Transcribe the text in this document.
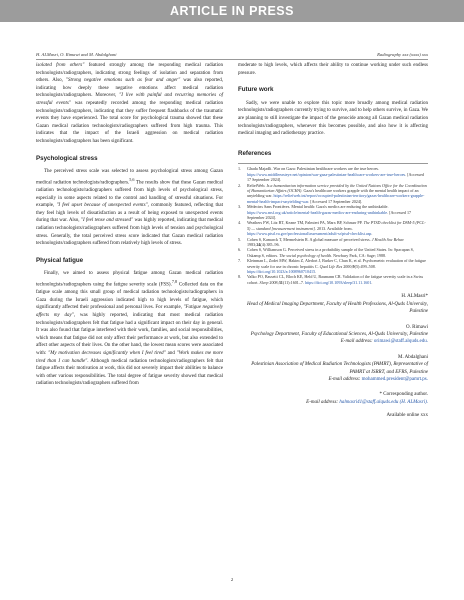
ARTICLE IN PRESS
H. ALMasri, O. Rimawi and M. Abdalghani	Radiography xxx (xxxx) xxx

isolated from others" featured strongly among the responding medical radiation technologists/radiographers, indicating strong feelings of isolation and separation from others. Also, "Strong negative emotions such as fear and anger" was also reported, indicating how deeply these negative emotions affect medical radiation technologists/radiographers. Moreover, "I live with painful and recurring memories of stressful events" was repeatedly recorded among the responding medical radiation technologists/radiographers, indicating that they suffer frequent flashbacks of the traumatic events they have experienced. The total score for psychological trauma showed that these Gazan medical radiation technologists/radiographers suffered from high trauma. This indicates that the impact of the Israeli aggression on medical radiation technologists/radiographers has been significant.

Psychological stress

The perceived stress scale was selected to assess psychological stress among Gazan medical radiation technologists/radiographers.$^{5,6}$ The results show that these Gazan medical radiation technologists/radiographers suffered from high levels of psychological stress, especially in some aspects related to the control and handling of stressful situations. For example, "I feel upset because of unexpected events", commonly featured, reflecting that they feel high levels of dissatisfaction as a result of being exposed to unexpected events during that war. Also, "I feel tense and stressed" was highly reported, indicating that medical radiation technologists/radiographers suffered from high levels of tension and psychological stress. Generally, the total perceived stress score indicated that Gazan medical radiation technologists/radiographers suffered from relatively high levels of stress.

Physical fatigue

Finally, we aimed to assess physical fatigue among Gazan medical radiation technologists/radiographers using the fatigue severity scale (FSS).$^{7,8}$ Collected data on the fatigue scale among this small group of medical radiation technologists/radiographers in Gaza during the Israeli aggression indicated high to high levels of fatigue, which significantly affected their professional and personal lives. For example, "Fatigue negatively affects my day", was highly reported, indicating that most medical radiation technologists/radiographers felt that fatigue had a significant impact on their day in general. It was also found that fatigue interfered with their work, families, and social responsibilities, which means that fatigue did not only affect their performance at work, but also extended to affect other aspects of their lives. On the other hand, the lowest mean scores were associated with: "My motivation decreases significantly when I feel tired" and "Work makes me more tired than I can handle". Although medical radiation technologists/radiographers felt that fatigue affects their motivation at work, this did not severely impact their abilities to balance with other various responsibilities. The total degree of fatigue severity showed that medical radiation technologists/radiographers suffered from

moderate to high levels, which affects their ability to continue working under such endless pressure.

Future work

Sadly, we were unable to explore this topic more broadly among medical radiation technologists/radiographers currently trying to survive, and to help others survive, in Gaza. We are planning to still investigate the impact of the genocide among all Gazan medical radiation technologists/radiographers, whenever this becomes possible, and also how it is affecting medical imaging and radiotherapy practice.

References
1. Ghada Majadli. War on Gaza: Palestinian healthcare workers are the true heroes. https://www.middleeasteye.net/opinion/war-gaza-palestinian-healthcare-workers-are-true-heroes. [Accessed 17 September 2024].
2. ReliefWeb. Is a humanitarian information service provided by the United Nations Office for the Coordination of Humanitarian Affairs (OCHA). Gaza's healthcare workers grapple with the mental health impact of an unyielding war. https://reliefweb.int/report/occupied-palestinian-territory/gazas-healthcare-workers-grapple-mental-health-impact-unyielding-war. [Accessed 17 September 2024].
3. Médecins Sans Frontières. Mental health: Gaza's medics are enduring the unthinkable. https://www.msf.org.uk/article/mental-health-gazas-medics-are-enduring-unthinkable. [Accessed 17 September 2024].
4. Weathers FW, Litz BT, Keane TM, Palmieri PA, Marx BP, Schnurr PP. The PTSD checklist for DSM-5 (PCL-5) — standard [measurement instrument]. 2013. Available from. https://www.ptsd.va.gov/professional/assessment/adult-sr/ptsd-checklist.asp.
5. Cohen S, Kamarck T, Mermelstein R. A global measure of perceived stress. J Health Soc Behav 1983;24(4):385–96.
6. Cohen S, Williamson G. Perceived stress in a probability sample of the United States. In: Spacapan S, Oskamp S, editors. The social psychology of health. Newbury Park, CA: Sage; 1988.
7. Kleinman L, Zodet MW, Hakim Z, Aledort J, Barker C, Chan K, et al. Psychometric evaluation of the fatigue severity scale for use in chronic hepatitis C. Qual Life Res 2000;9(5):499–508. https://doi.org/10.1023/a:1008960710415.
8. Valko PO, Bassetti CL, Bloch KE, Held U, Baumann CR. Validation of the fatigue severity scale in a Swiss cohort. Sleep 2008;31(11):1601–7. https://doi.org/10.1093/sleep/31.11.1601.
H. ALMasri*
Head of Medical Imaging Department, Faculty of Health Professions, Al-Quds University, Palestine
O. Rimawi
Psychology Department, Faculty of Educational Sciences, Al-Quds University, Palestine
E-mail address: orimawi@staff.alquds.edu.
M. Abdalghani
Palestinian Association of Medical Radiation Technologists (PAMRT), Representative of PAMRT at ISRRT, and EFRS, Palestine
E-mail address: mohammed.president@pamrt.ps.
* Corresponding author.
E-mail address: halmasri41@staff.alquds.edu (H. ALMasri).
Available online xxx
2
